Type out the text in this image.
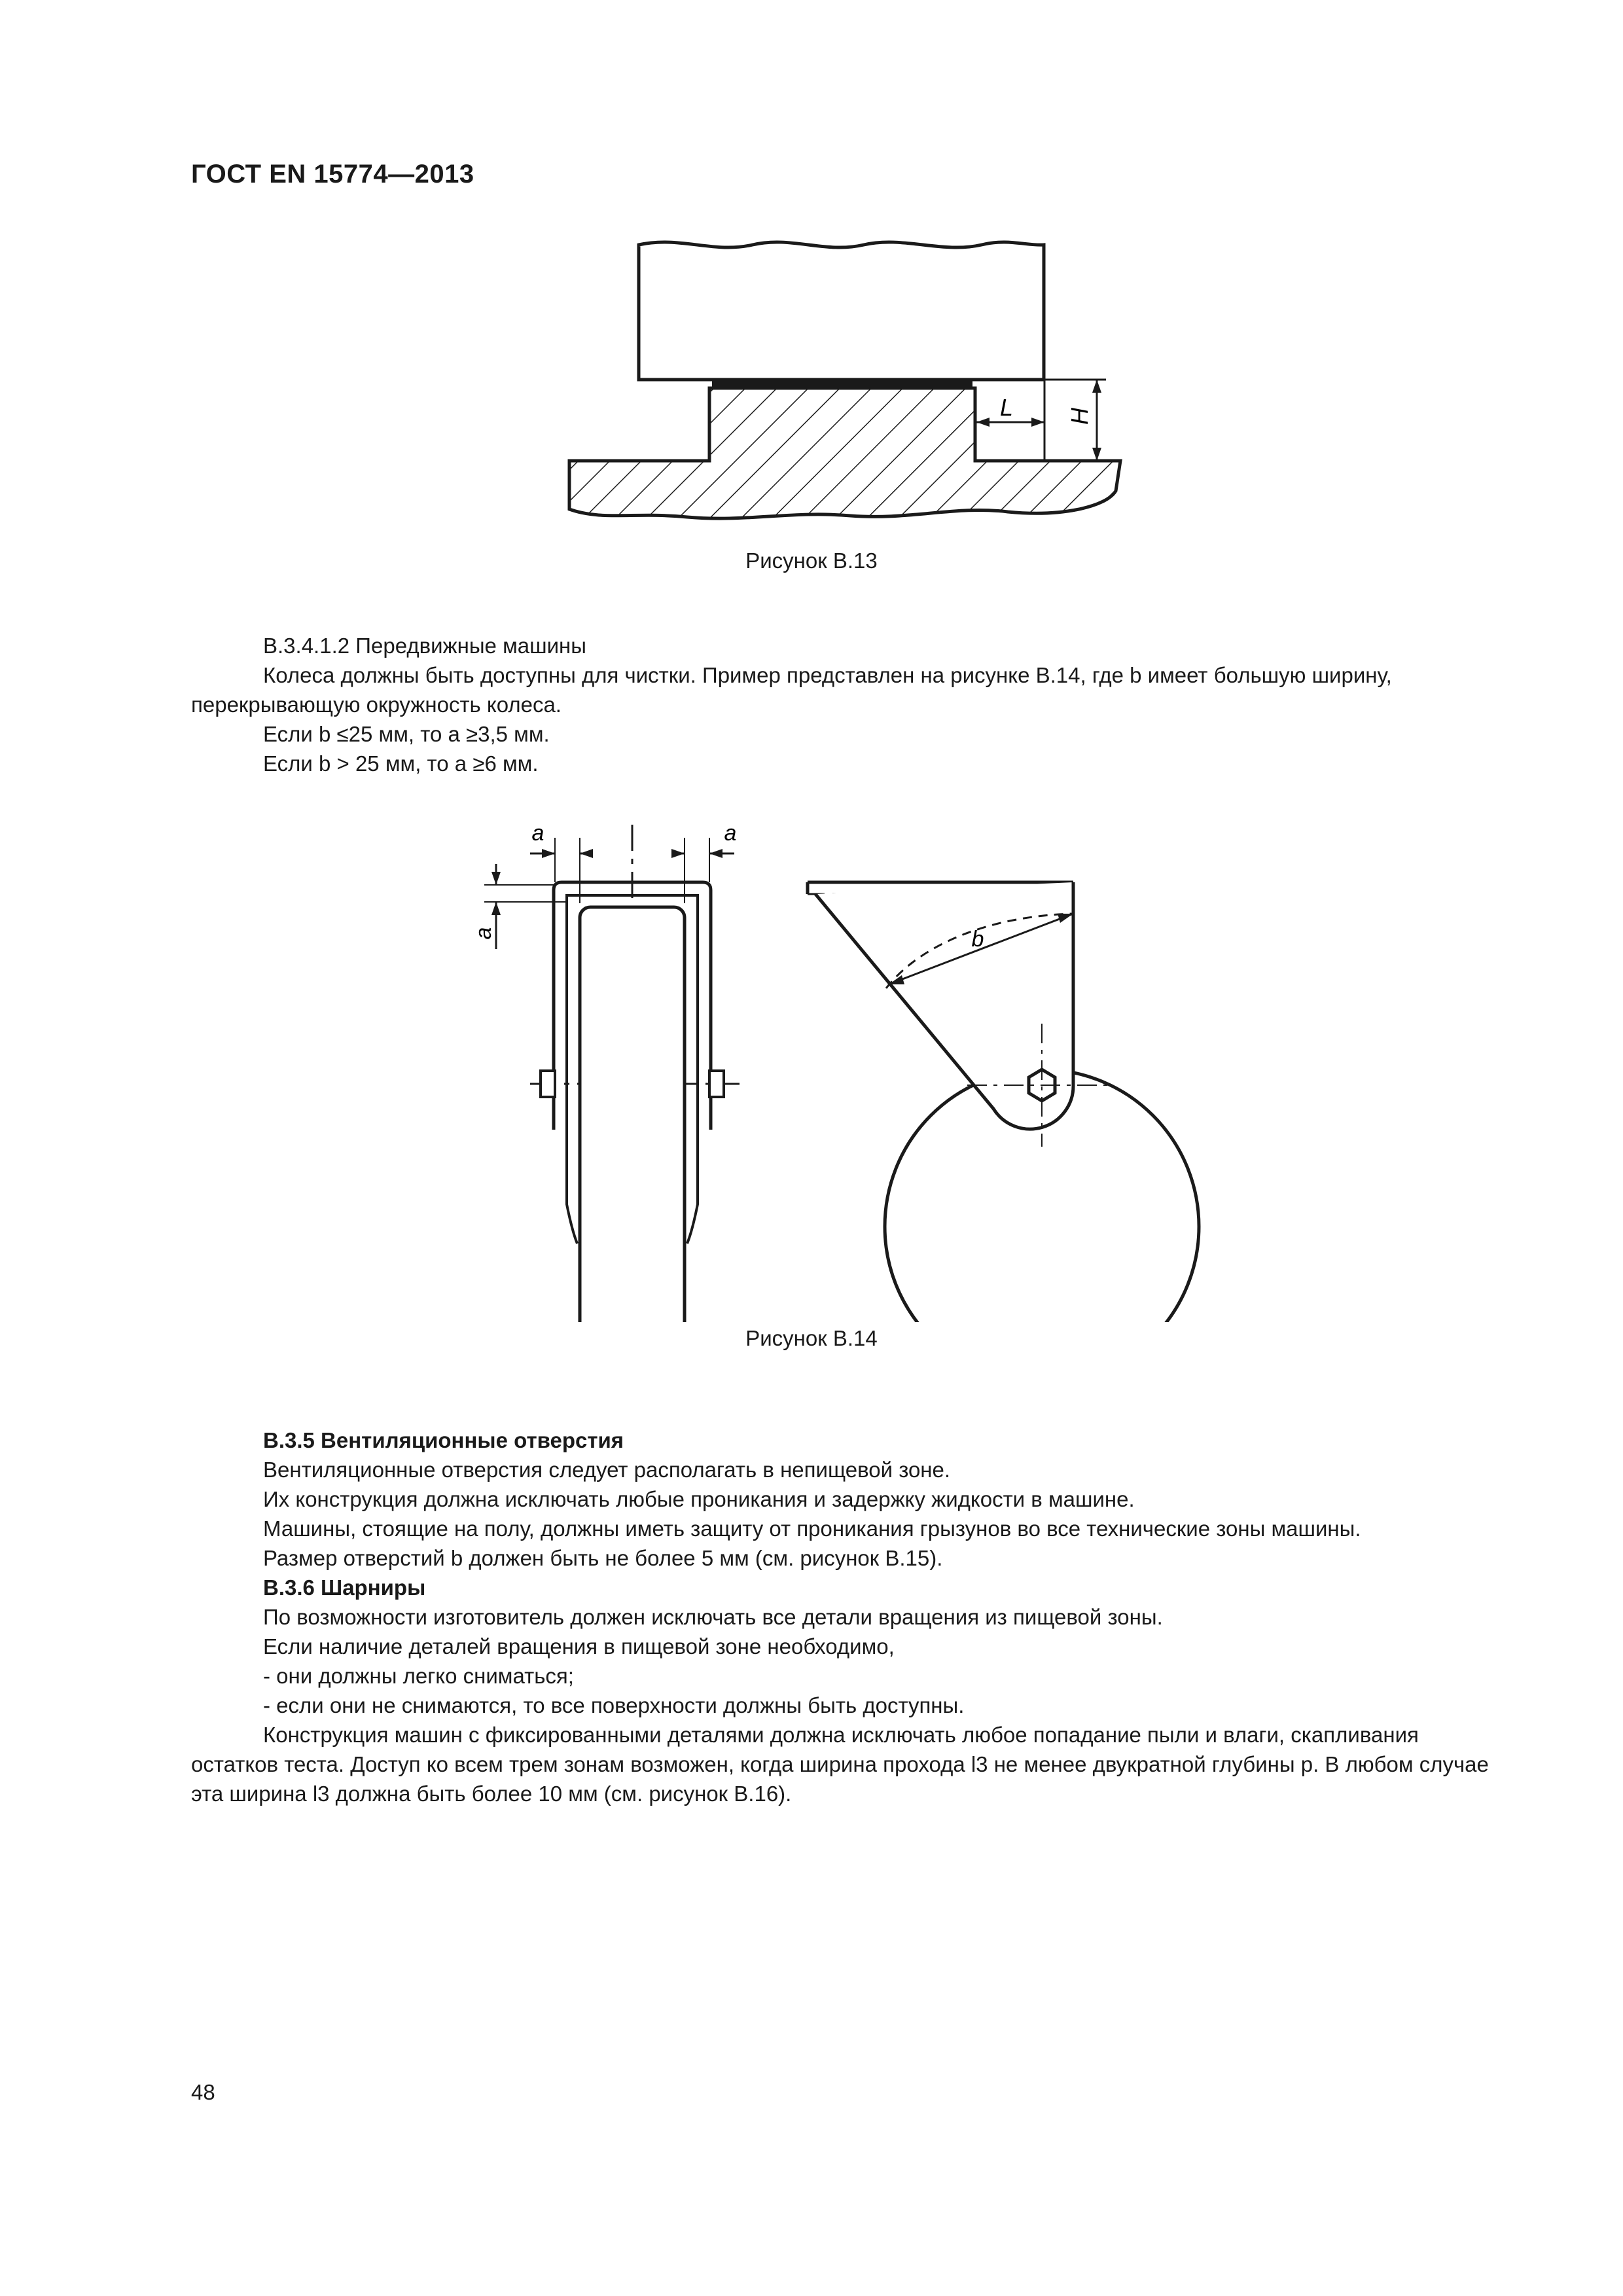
ГОСТ EN 15774—2013
L H
Рисунок В.13

В.3.4.1.2 Передвижные машины

Колеса должны быть доступны для чистки. Пример представлен на рисунке В.14, где b имеет большую ширину, перекрывающую окружность колеса.

Если b ≤25 мм, то a ≥3,5 мм.

Если b > 25 мм, то a ≥6 мм.

a	a
a	b
Рисунок В.14

В.3.5 Вентиляционные отверстия

Вентиляционные отверстия следует располагать в непищевой зоне.

Их конструкция должна исключать любые проникания и задержку жидкости в машине.

Машины, стоящие на полу, должны иметь защиту от проникания грызунов во все технические зоны машины.

Размер отверстий b должен быть не более 5 мм (см. рисунок В.15).

В.3.6 Шарниры

По возможности изготовитель должен исключать все детали вращения из пищевой зоны.

Если наличие деталей вращения в пищевой зоне необходимо,

- они должны легко сниматься;

- если они не снимаются, то все поверхности должны быть доступны.

Конструкция машин с фиксированными деталями должна исключать любое попадание пыли и влаги, скапливания остатков теста. Доступ ко всем трем зонам возможен, когда ширина прохода l3 не менее двукратной глубины p. В любом случае эта ширина l3 должна быть более 10 мм (см. рисунок В.16).

48
